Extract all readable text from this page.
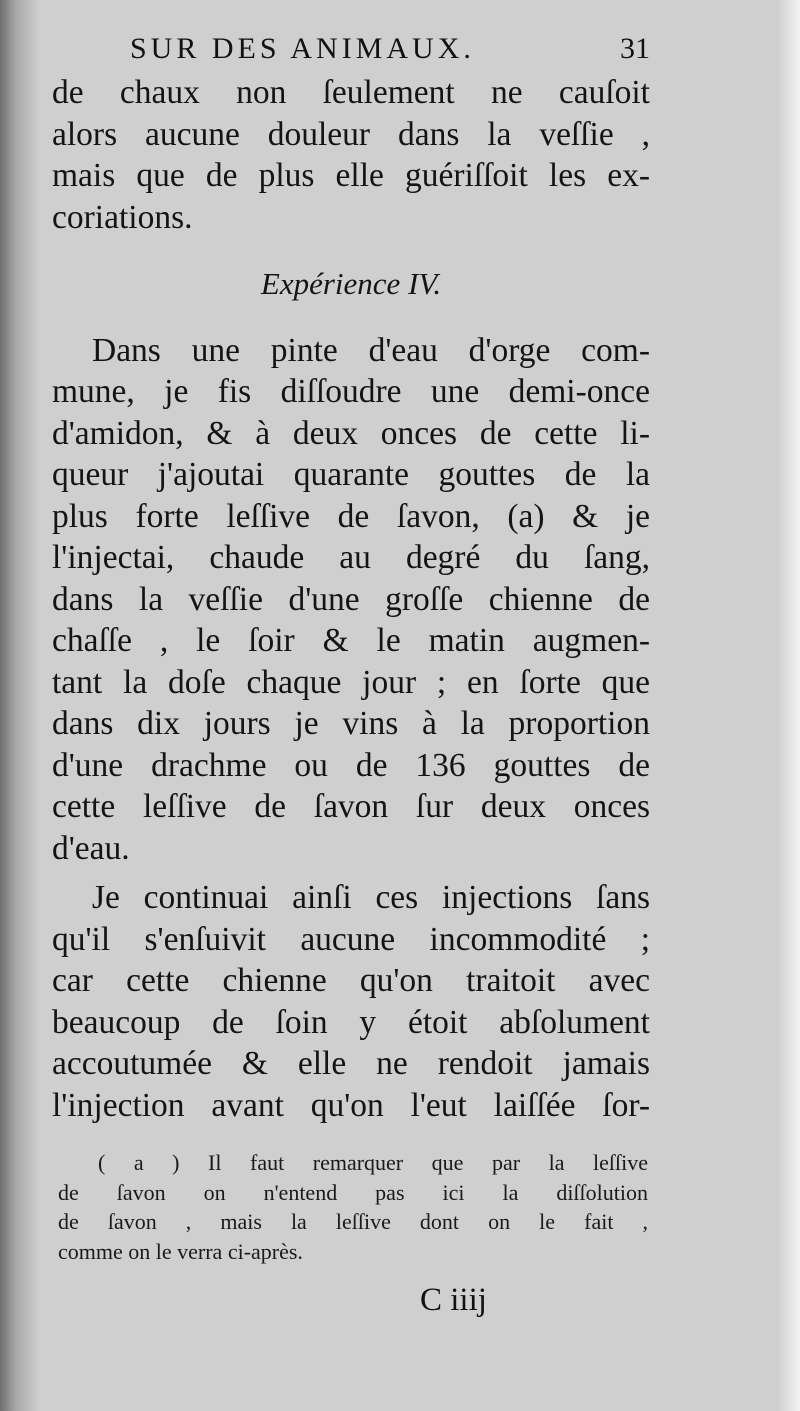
SUR DES ANIMAUX.	31
de chaux non ſeulement ne cauſoit
alors aucune douleur dans la veſſie ,
mais que de plus elle guériſſoit les ex-
coriations.
Expérience IV.
Dans une pinte d'eau d'orge com-
mune, je fis diſſoudre une demi-once
d'amidon, & à deux onces de cette li-
queur j'ajoutai quarante gouttes de la
plus forte leſſive de ſavon, (a) & je
l'injectai, chaude au degré du ſang,
dans la veſſie d'une groſſe chienne de
chaſſe , le ſoir & le matin augmen-
tant la doſe chaque jour ; en ſorte que
dans dix jours je vins à la proportion
d'une drachme ou de 136 gouttes de
cette leſſive de ſavon ſur deux onces
d'eau.
Je continuai ainſi ces injections ſans
qu'il s'enſuivit aucune incommodité ;
car cette chienne qu'on traitoit avec
beaucoup de ſoin y étoit abſolument
accoutumée & elle ne rendoit jamais
l'injection avant qu'on l'eut laiſſée ſor-
( a ) Il faut remarquer que par la leſſive
de ſavon on n'entend pas ici la diſſolution
de ſavon , mais la leſſive dont on le fait ,
comme on le verra ci-après.
C iiij
